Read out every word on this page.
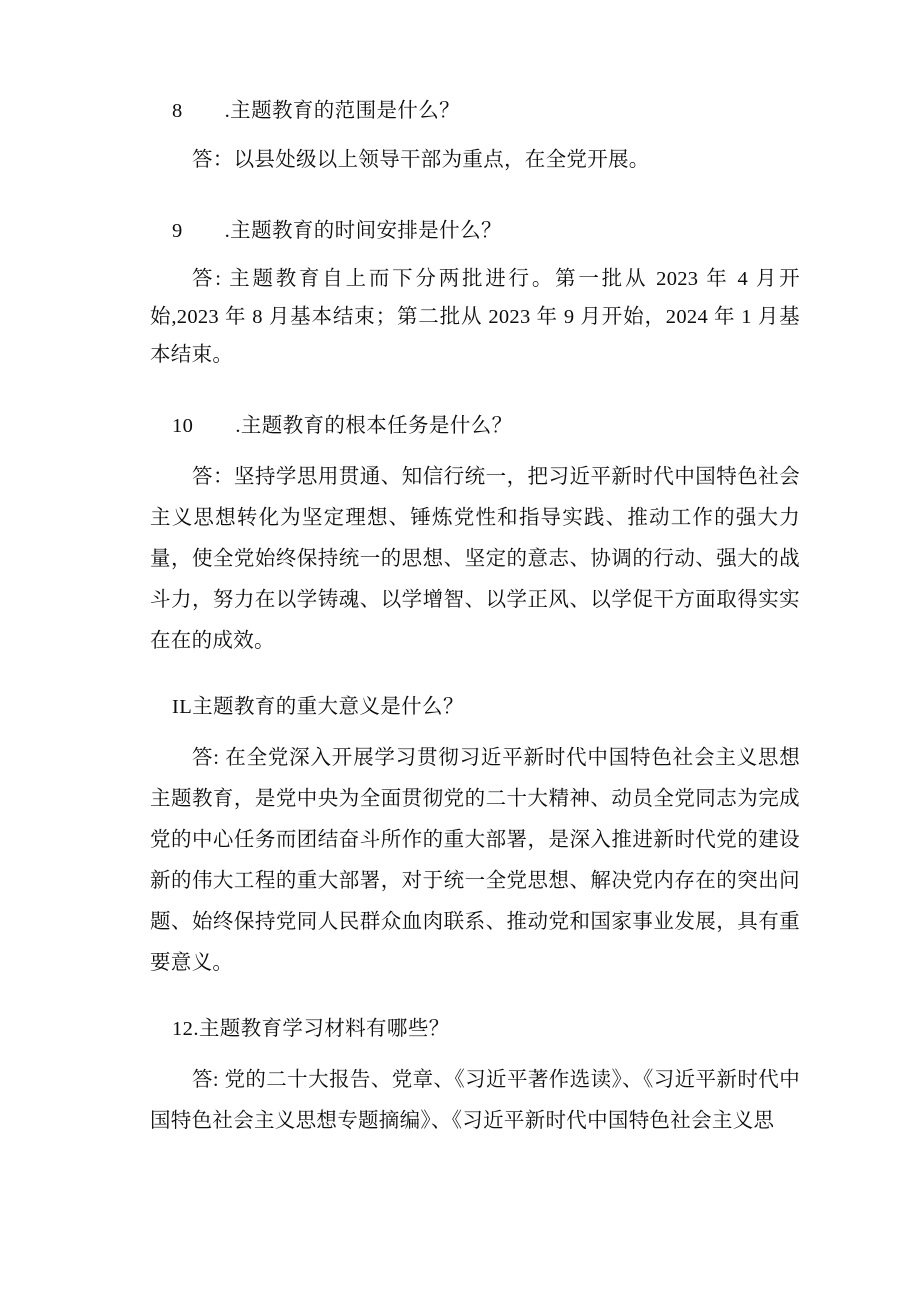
8 .主题教育的范围是什么？

答：以县处级以上领导干部为重点，在全党开展。

9 .主题教育的时间安排是什么？

答: 主题教育自上而下分两批进行。第一批从 2023 年 4 月开始,2023 年 8 月基本结束；第二批从 2023 年 9 月开始，2024 年 1 月基本结束。

10 .主题教育的根本任务是什么？

答：坚持学思用贯通、知信行统一，把习近平新时代中国特色社会主义思想转化为坚定理想、锤炼党性和指导实践、推动工作的强大力量，使全党始终保持统一的思想、坚定的意志、协调的行动、强大的战斗力，努力在以学铸魂、以学增智、以学正风、以学促干方面取得实实在在的成效。

IL 主题教育的重大意义是什么？

答: 在全党深入开展学习贯彻习近平新时代中国特色社会主义思想主题教育，是党中央为全面贯彻党的二十大精神、动员全党同志为完成党的中心任务而团结奋斗所作的重大部署，是深入推进新时代党的建设新的伟大工程的重大部署，对于统一全党思想、解决党内存在的突出问题、始终保持党同人民群众血肉联系、推动党和国家事业发展，具有重要意义。

12 .主题教育学习材料有哪些？

答: 党的二十大报告、党章、《习近平著作选读》、《习近平新时代中国特色社会主义思想专题摘编》、《习近平新时代中国特色社会主义思
